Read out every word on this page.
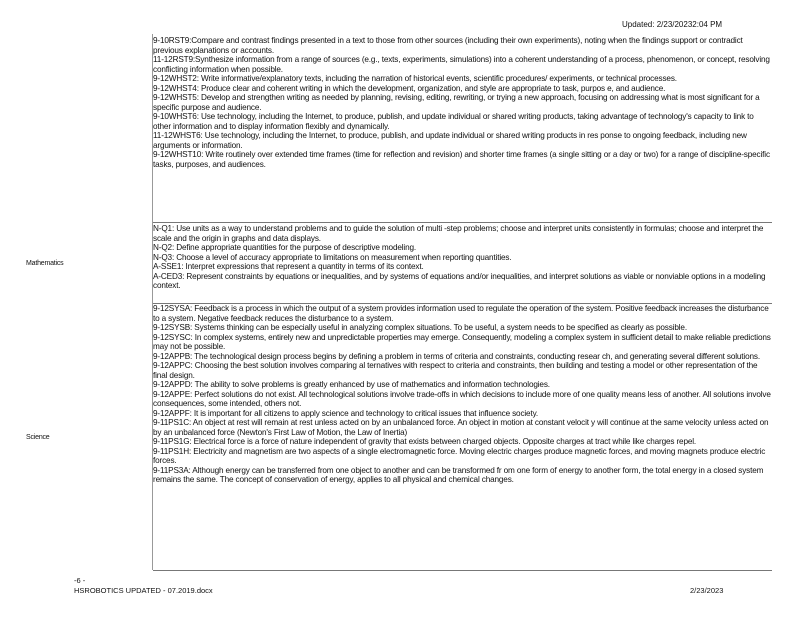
Updated: 2/23/20232:04 PM

9-10RST9:Compare and contrast findings presented in a text to those from other sources (including their own experiments), noting when the findings support or contradict previous explanations or accounts.

11-12RST9:Synthesize information from a range of sources (e.g., texts, experiments, simulations) into a coherent understanding of a process, phenomenon, or concept, resolving conflicting information when possible.

9-12WHST2: Write informative/explanatory texts, including the narration of historical events, scientific procedures/ experiments, or technical processes.

9-12WHST4: Produce clear and coherent writing in which the development, organization, and style are appropriate to task, purpos e, and audience.

9-12WHST5: Develop and strengthen writing as needed by planning, revising, editing, rewriting, or trying a new approach, focusing on addressing what is most significant for a specific purpose and audience.

9-10WHST6: Use technology, including the Internet, to produce, publish, and update individual or shared writing products, taking advantage of technology's capacity to link to other information and to display information flexibly and dynamically.

11-12WHST6: Use technology, including the Internet, to produce, publish, and update individual or shared writing products in res ponse to ongoing feedback, including new arguments or information.

9-12WHST10: Write routinely over extended time frames (time for reflection and revision) and shorter time frames (a single sitting or a day or two) for a range of discipline-specific tasks, purposes, and audiences.

Mathematics

N-Q1: Use units as a way to understand problems and to guide the solution of multi -step problems; choose and interpret units consistently in formulas; choose and interpret the scale and the origin in graphs and data displays.

N-Q2: Define appropriate quantities for the purpose of descriptive modeling.

N-Q3: Choose a level of accuracy appropriate to limitations on measurement when reporting quantities.

A-SSE1: Interpret expressions that represent a quantity in terms of its context.

A-CED3: Represent constraints by equations or inequalities, and by systems of equations and/or inequalities, and interpret solutions as viable or nonviable options in a modeling context.

Science

9-12SYSA: Feedback is a process in which the output of a system provides information used to regulate the operation of the system. Positive feedback increases the disturbance to a system. Negative feedback reduces the disturbance to a system.

9-12SYSB: Systems thinking can be especially useful in analyzing complex situations. To be useful, a system needs to be specified as clearly as possible.

9-12SYSC: In complex systems, entirely new and unpredictable properties may emerge. Consequently, modeling a complex system in sufficient detail to make reliable predictions may not be possible.

9-12APPB: The technological design process begins by defining a problem in terms of criteria and constraints, conducting resear ch, and generating several different solutions.

9-12APPC: Choosing the best solution involves comparing al ternatives with respect to criteria and constraints, then building and testing a model or other representation of the final design.

9-12APPD: The ability to solve problems is greatly enhanced by use of mathematics and information technologies.

9-12APPE: Perfect solutions do not exist. All technological solutions involve trade-offs in which decisions to include more of one quality means less of another. All solutions involve consequences, some intended, others not.

9-12APPF: It is important for all citizens to apply science and technology to critical issues that influence society.

9-11PS1C: An object at rest will remain at rest unless acted on by an unbalanced force. An object in motion at constant velocit y will continue at the same velocity unless acted on by an unbalanced force (Newton's First Law of Motion, the Law of Inertia)

9-11PS1G: Electrical force is a force of nature independent of gravity that exists between charged objects. Opposite charges at tract while like charges repel.

9-11PS1H: Electricity and magnetism are two aspects of a single electromagnetic force. Moving electric charges produce magnetic forces, and moving magnets produce electric forces.

9-11PS3A: Although energy can be transferred from one object to another and can be transformed fr om one form of energy to another form, the total energy in a closed system remains the same. The concept of conservation of energy, applies to all physical and chemical changes.

-6 -
HSROBOTICS UPDATED - 07.2019.docx	2/23/2023
